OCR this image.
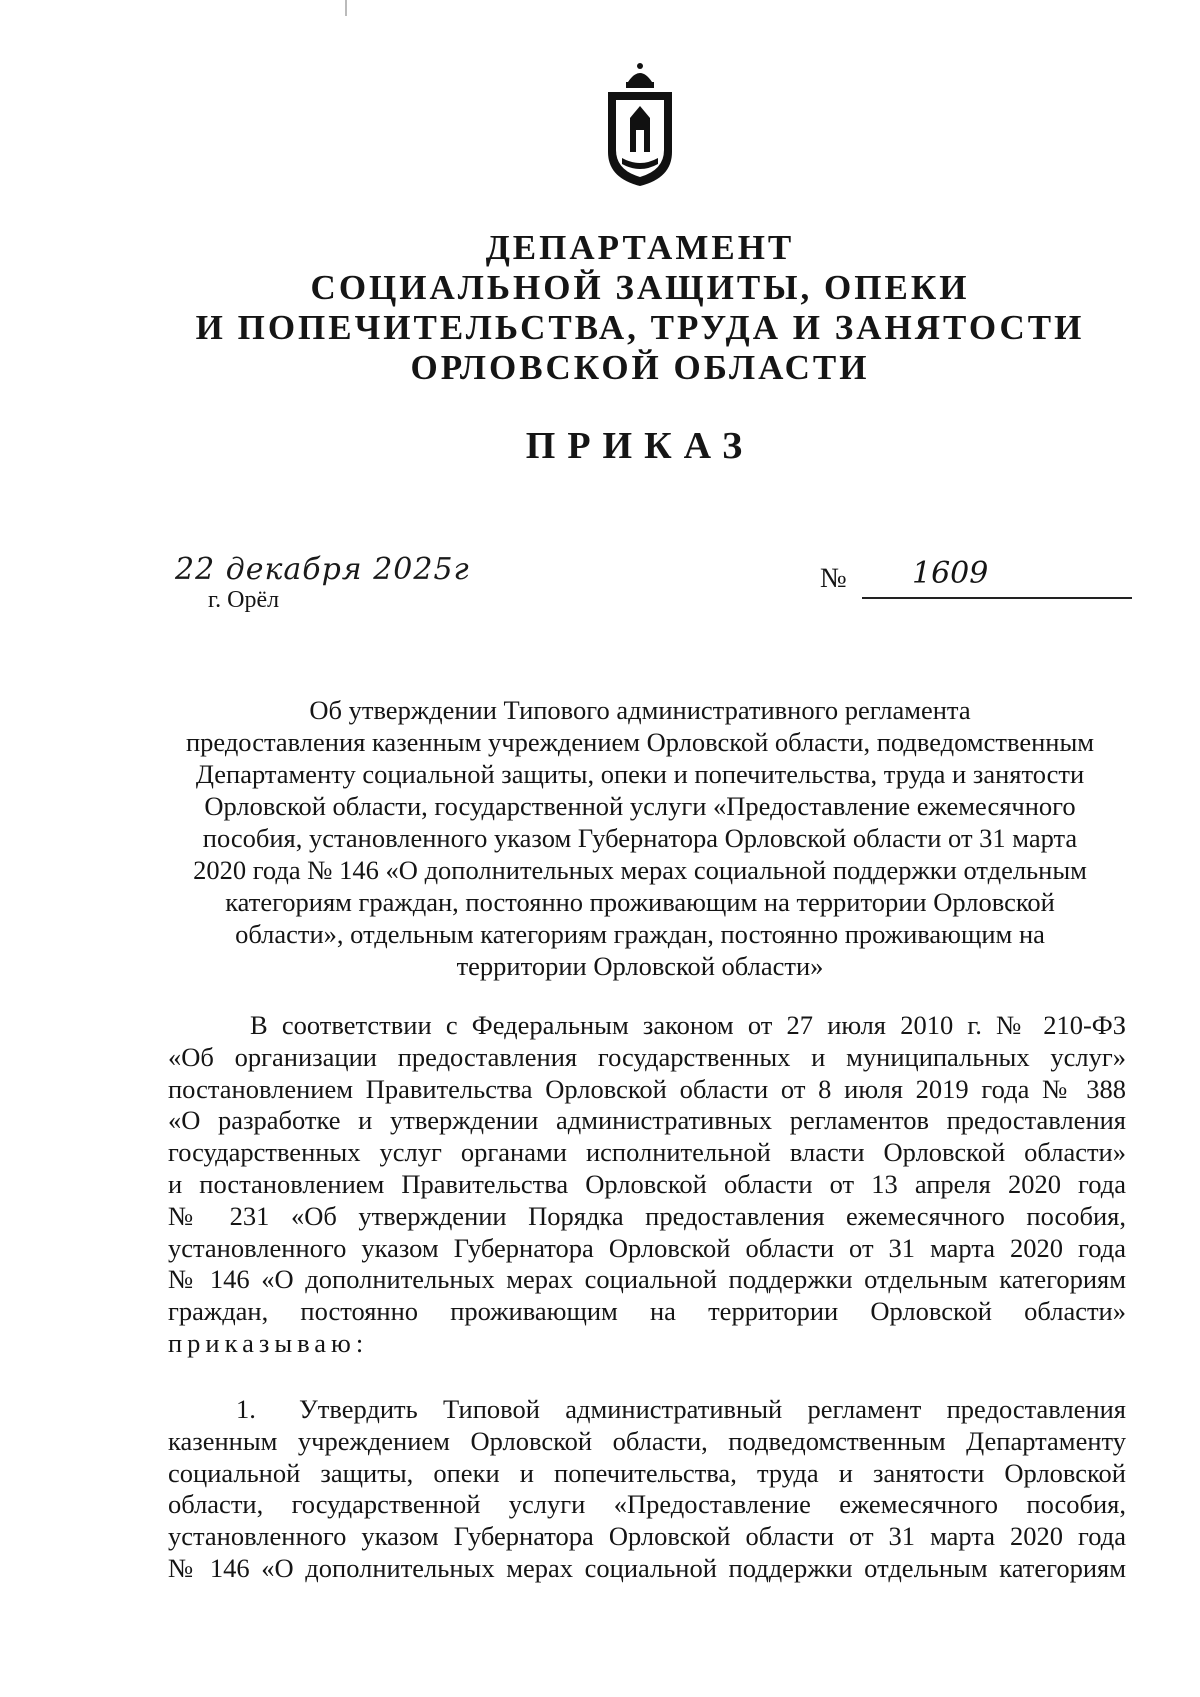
ДЕПАРТАМЕНТ
СОЦИАЛЬНОЙ ЗАЩИТЫ, ОПЕКИ
И ПОПЕЧИТЕЛЬСТВА, ТРУДА И ЗАНЯТОСТИ
ОРЛОВСКОЙ ОБЛАСТИ
ПРИКАЗ
22 декабря 2025г
г. Орёл
№ 1609
Об утверждении Типового административного регламента
предоставления казенным учреждением Орловской области, подведомственным
Департаменту социальной защиты, опеки и попечительства, труда и занятости
Орловской области, государственной услуги «Предоставление ежемесячного
пособия, установленного указом Губернатора Орловской области от 31 марта
2020 года № 146 «О дополнительных мерах социальной поддержки отдельным
категориям граждан, постоянно проживающим на территории Орловской
области», отдельным категориям граждан, постоянно проживающим на
территории Орловской области»
В соответствии с Федеральным законом от 27 июля 2010 г. № 210-ФЗ
«Об организации предоставления государственных и муниципальных услуг»
постановлением Правительства Орловской области от 8 июля 2019 года № 388
«О разработке и утверждении административных регламентов предоставления
государственных услуг органами исполнительной власти Орловской области»
и постановлением Правительства Орловской области от 13 апреля 2020 года
№ 231 «Об утверждении Порядка предоставления ежемесячного пособия,
установленного указом Губернатора Орловской области от 31 марта 2020 года
№ 146 «О дополнительных мерах социальной поддержки отдельным категориям
граждан, постоянно проживающим на территории Орловской области»
приказываю:
1. Утвердить Типовой административный регламент предоставления
казенным учреждением Орловской области, подведомственным Департаменту
социальной защиты, опеки и попечительства, труда и занятости Орловской
области, государственной услуги «Предоставление ежемесячного пособия,
установленного указом Губернатора Орловской области от 31 марта 2020 года
№ 146 «О дополнительных мерах социальной поддержки отдельным категориям
